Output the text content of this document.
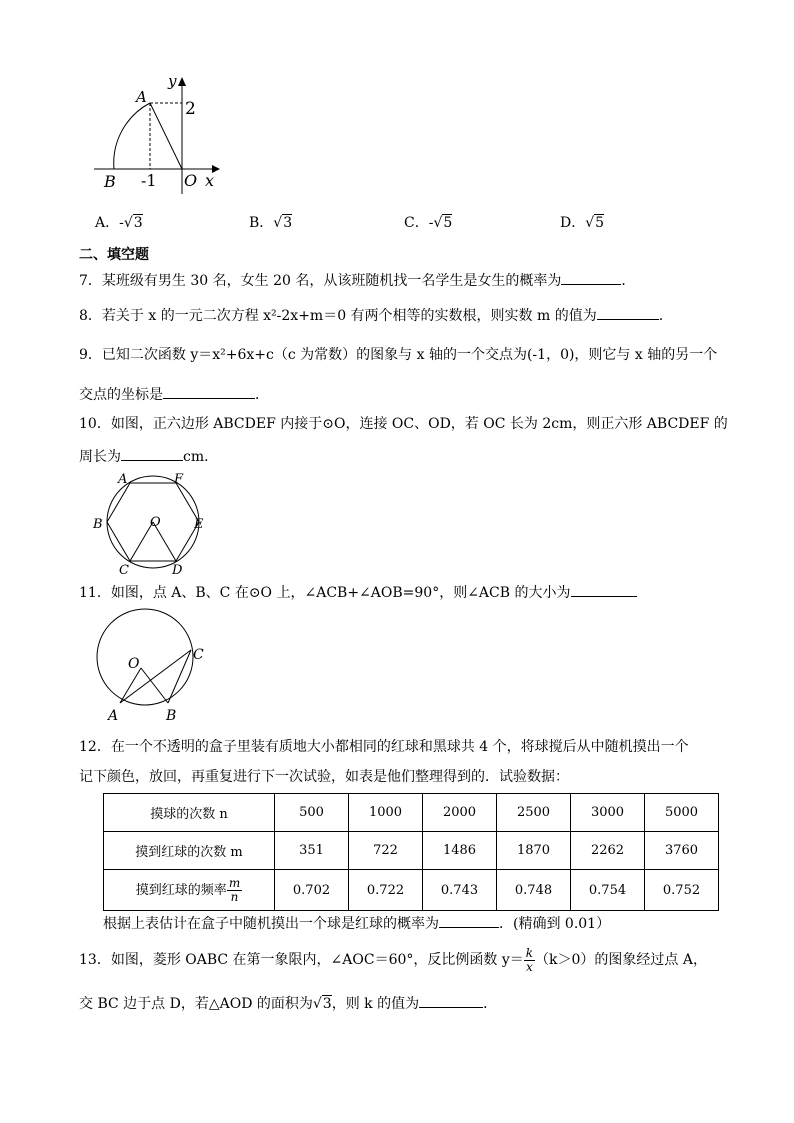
y
A
2
B -1 O x
A．-√3	B．√3	C．-√5	D．√5
二、填空题
7．某班级有男生 30 名，女生 20 名，从该班随机找一名学生是女生的概率为	．
8．若关于 x 的一元二次方程 x²-2x+m＝0 有两个相等的实数根，则实数 m 的值为	.
9．已知二次函数 y＝x²+6x+c（c 为常数）的图象与 x 轴的一个交点为(-1，0)，则它与 x 轴的另一个
交点的坐标是	．
10．如图，正六边形 ABCDEF 内接于⊙O，连接 OC、OD，若 OC 长为 2cm，则正六形 ABCDEF 的
周长为	cm．
A	F
B	O	E
C	D
11．如图，点 A、B、C 在⊙O 上，∠ACB+∠AOB=90°，则∠ACB 的大小为
O
C
A	B
12．在一个不透明的盒子里装有质地大小都相同的红球和黑球共 4 个，将球搅后从中随机摸出一个
记下颜色，放回，再重复进行下一次试验，如表是他们整理得到的．试验数据：
摸球的次数 n	500	1000	2000	2500	3000	5000
摸到红球的次数 m	351	722	1486	1870	2262	3760
摸到红球的频率 $\frac{m}{n}$	0.702	0.722	0.743	0.748	0.754	0.752
根据上表估计在盒子中随机摸出一个球是红球的概率为	．(精确到 0.01）
13．如图，菱形 OABC 在第一象限内，∠AOC＝60°，反比例函数 $y= \frac{k}{x} (k>0)$的图象经过点 A，
交 BC 边于点 D，若△AOD 的面积为√3，则 k 的值为	．
